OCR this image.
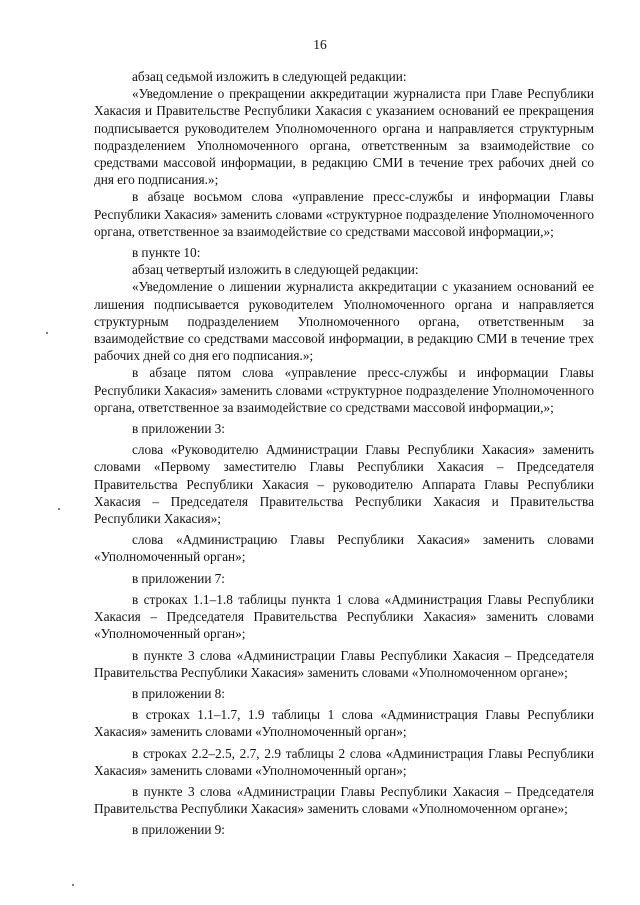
16

абзац седьмой изложить в следующей редакции:

«Уведомление о прекращении аккредитации журналиста при Главе Республики Хакасия и Правительстве Республики Хакасия с указанием оснований ее прекращения подписывается руководителем Уполномоченного органа и направляется структурным подразделением Уполномоченного органа, ответственным за взаимодействие со средствами массовой информации, в редакцию СМИ в течение трех рабочих дней со дня его подписания.»;

в абзаце восьмом слова «управление пресс-службы и информации Главы Республики Хакасия» заменить словами «структурное подразделение Уполномоченного органа, ответственное за взаимодействие со средствами массовой информации,»;

в пункте 10:

абзац четвертый изложить в следующей редакции:

«Уведомление о лишении журналиста аккредитации с указанием оснований ее лишения подписывается руководителем Уполномоченного органа и направляется структурным подразделением Уполномоченного органа, ответственным за взаимодействие со средствами массовой информации, в редакцию СМИ в течение трех рабочих дней со дня его подписания.»;

в абзаце пятом слова «управление пресс-службы и информации Главы Республики Хакасия» заменить словами «структурное подразделение Уполномоченного органа, ответственное за взаимодействие со средствами массовой информации,»;

в приложении 3:

слова «Руководителю Администрации Главы Республики Хакасия» заменить словами «Первому заместителю Главы Республики Хакасия – Председателя Правительства Республики Хакасия – руководителю Аппарата Главы Республики Хакасия – Председателя Правительства Республики Хакасия и Правительства Республики Хакасия»;

слова «Администрацию Главы Республики Хакасия» заменить словами «Уполномоченный орган»;

в приложении 7:

в строках 1.1–1.8 таблицы пункта 1 слова «Администрация Главы Республики Хакасия – Председателя Правительства Республики Хакасия» заменить словами «Уполномоченный орган»;

в пункте 3 слова «Администрации Главы Республики Хакасия – Председателя Правительства Республики Хакасия» заменить словами «Уполномоченном органе»;

в приложении 8:

в строках 1.1–1.7, 1.9 таблицы 1 слова «Администрация Главы Республики Хакасия» заменить словами «Уполномоченный орган»;

в строках 2.2–2.5, 2.7, 2.9 таблицы 2 слова «Администрация Главы Республики Хакасия» заменить словами «Уполномоченный орган»;

в пункте 3 слова «Администрации Главы Республики Хакасия – Председателя Правительства Республики Хакасия» заменить словами «Уполномоченном органе»;

в приложении 9:
